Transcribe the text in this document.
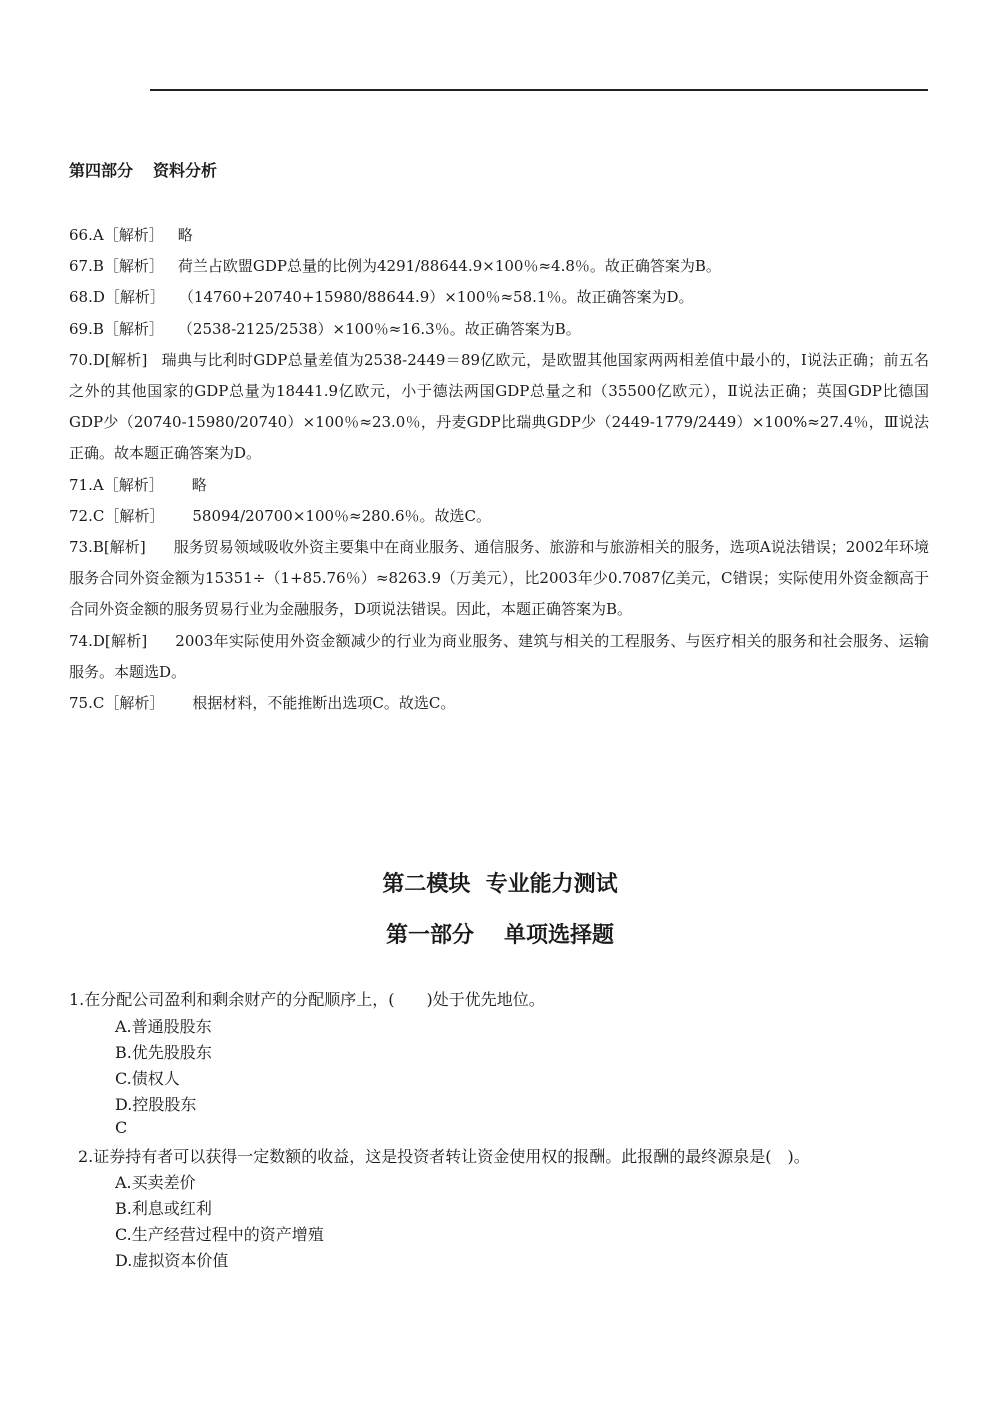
第四部分 资料分析

66.A［解析］ 略

67.B［解析］ 荷兰占欧盟GDP总量的比例为4291/88644.9×100％≈4.8％。故正确答案为B。

68.D［解析］ （14760+20740+15980/88644.9）×100％≈58.1％。故正确答案为D。

69.B［解析］ （2538-2125/2538）×100％≈16.3％。故正确答案为B。

70.D[解析] 瑞典与比利时GDP总量差值为2538-2449＝89亿欧元，是欧盟其他国家两两相差值中最小的，Ⅰ说法正确；前五名之外的其他国家的GDP总量为18441.9亿欧元，小于德法两国GDP总量之和（35500亿欧元），Ⅱ说法正确；英国GDP比德国GDP少（20740-15980/20740）×100％≈23.0％，丹麦GDP比瑞典GDP少（2449-1779/2449）×100%≈27.4％，Ⅲ说法正确。故本题正确答案为D。

71.A［解析］ 略

72.C［解析］ 58094/20700×100％≈280.6％。故选C。

73.B[解析] 服务贸易领域吸收外资主要集中在商业服务、通信服务、旅游和与旅游相关的服务，选项A说法错误；2002年环境服务合同外资金额为15351÷（1+85.76％）≈8263.9（万美元），比2003年少0.7087亿美元，C错误；实际使用外资金额高于合同外资金额的服务贸易行业为金融服务，D项说法错误。因此，本题正确答案为B。

74.D[解析] 2003年实际使用外资金额减少的行业为商业服务、建筑与相关的工程服务、与医疗相关的服务和社会服务、运输服务。本题选D。

75.C［解析］ 根据材料，不能推断出选项C。故选C。

第二模块  专业能力测试
第一部分 单项选择题
1.在分配公司盈利和剩余财产的分配顺序上，(　　)处于优先地位。
A.普通股股东
B.优先股股东
C.债权人
D.控股股东
C
2.证券持有者可以获得一定数额的收益，这是投资者转让资金使用权的报酬。此报酬的最终源泉是(　)。
A.买卖差价
B.利息或红利
C.生产经营过程中的资产增殖
D.虚拟资本价值
